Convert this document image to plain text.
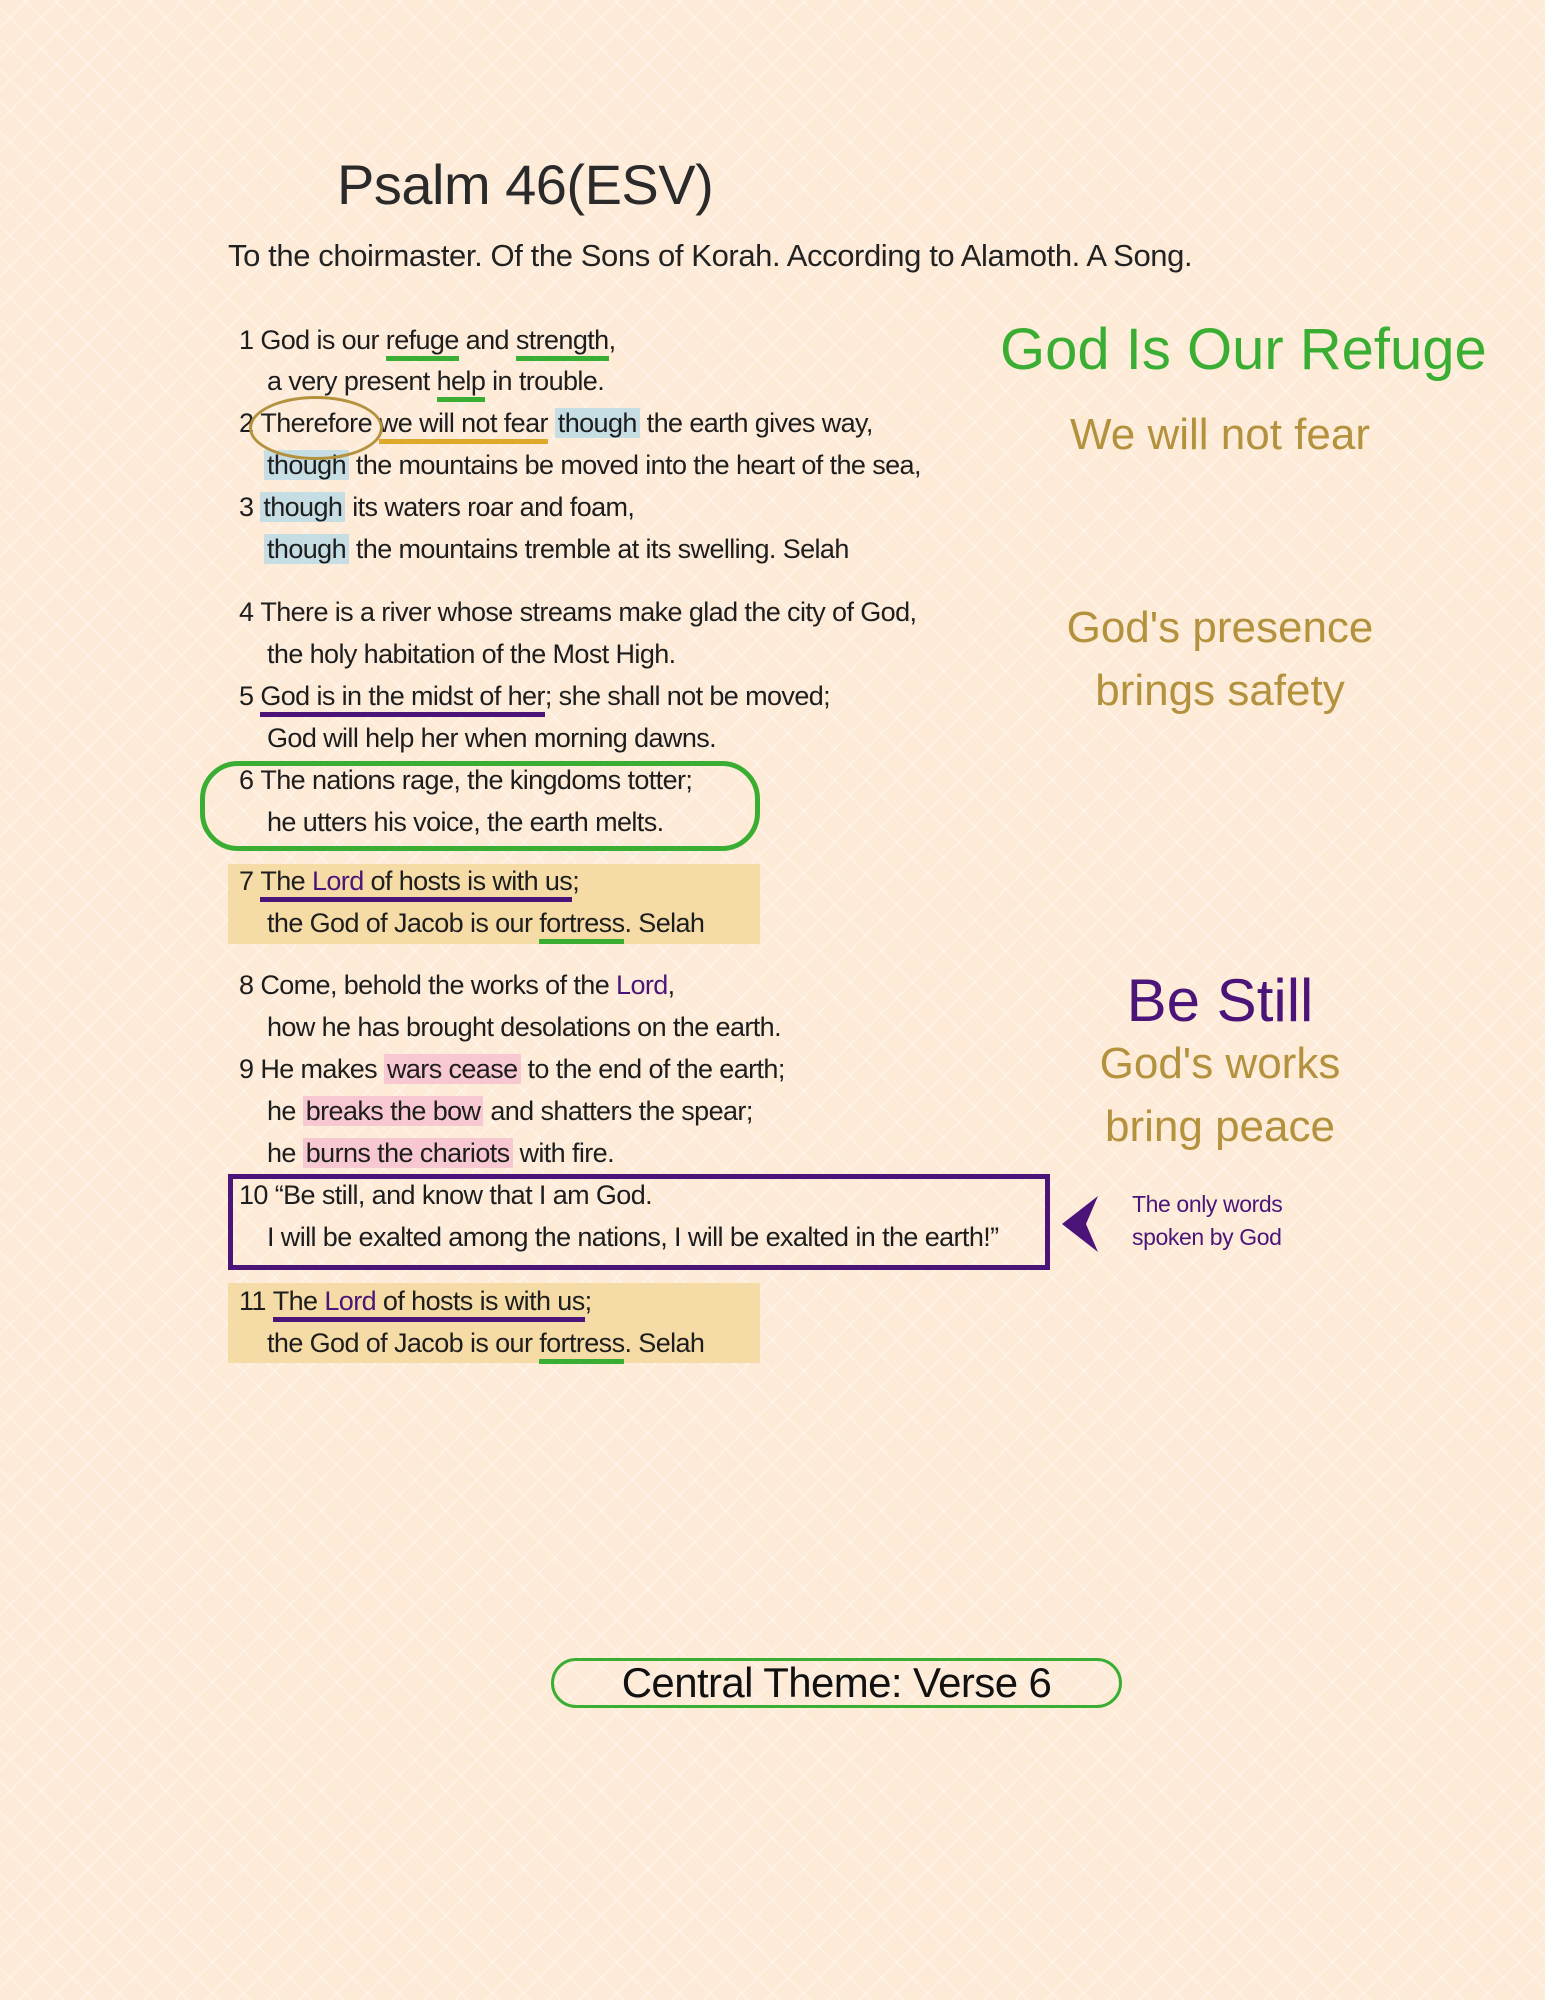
Psalm 46(ESV)

To the choirmaster. Of the Sons of Korah. According to Alamoth. A Song.

1 God is our refuge and strength,
a very present help in trouble.
2 Therefore we will not fear though the earth gives way,
though the mountains be moved into the heart of the sea,
3 though its waters roar and foam,
though the mountains tremble at its swelling. Selah
4 There is a river whose streams make glad the city of God,
the holy habitation of the Most High.
5 God is in the midst of her; she shall not be moved;
God will help her when morning dawns.
6 The nations rage, the kingdoms totter;
he utters his voice, the earth melts.
7 The Lord of hosts is with us;
the God of Jacob is our fortress. Selah
8 Come, behold the works of the Lord,
how he has brought desolations on the earth.
9 He makes wars cease to the end of the earth;
he breaks the bow and shatters the spear;
he burns the chariots with fire.
10 “Be still, and know that I am God.
I will be exalted among the nations, I will be exalted in the earth!”
11 The Lord of hosts is with us;
the God of Jacob is our fortress. Selah
God Is Our Refuge
We will not fear
God's presence
brings safety
Be Still
God's works
bring peace
The only words
spoken by God
Central Theme: Verse 6
